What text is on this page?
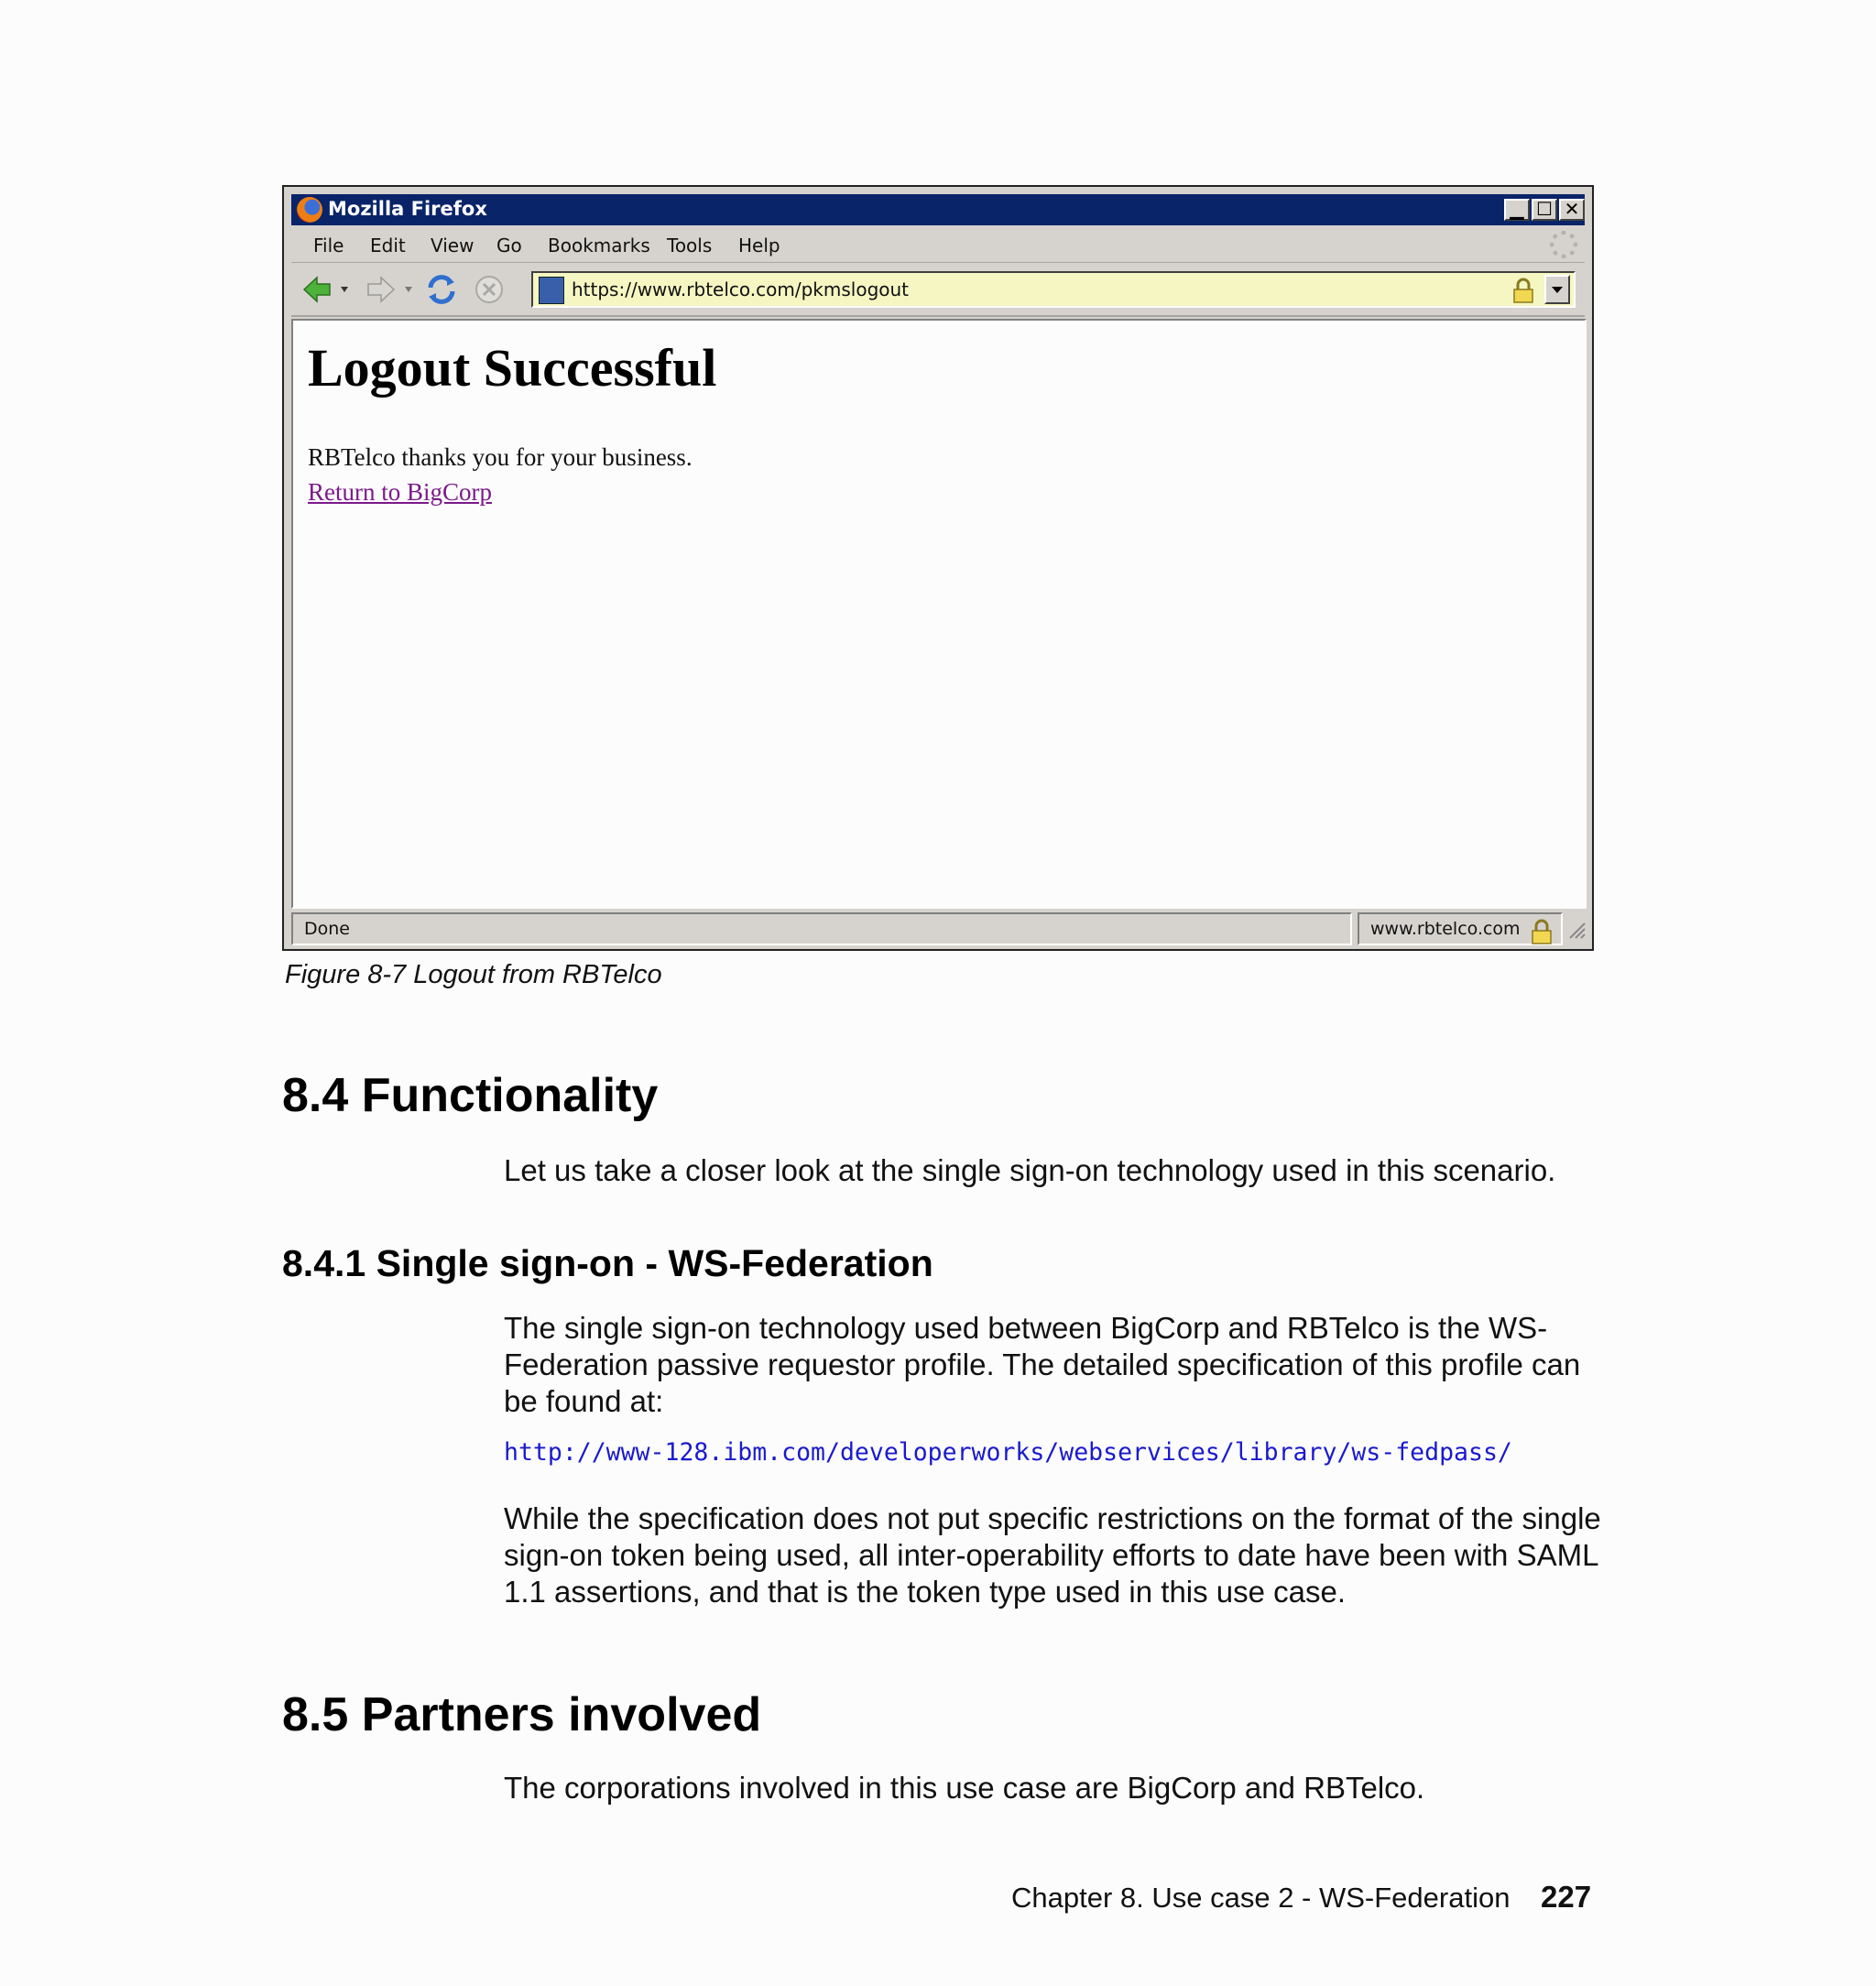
Mozilla Firefox	▁ ☐ ✕
File Edit View Go Bookmarks Tools Help
https://www.rbtelco.com/pkmslogout
Logout Successful
RBTelco thanks you for your business.
Return to BigCorp
Done	www.rbtelco.com
Figure 8-7 Logout from RBTelco
8.4 Functionality
Let us take a closer look at the single sign-on technology used in this scenario.
8.4.1 Single sign-on - WS-Federation
The single sign-on technology used between BigCorp and RBTelco is the WS-Federation passive requestor profile. The detailed specification of this profile can be found at:
http://www-128.ibm.com/developerworks/webservices/library/ws-fedpass/
While the specification does not put specific restrictions on the format of the single sign-on token being used, all inter-operability efforts to date have been with SAML 1.1 assertions, and that is the token type used in this use case.
8.5 Partners involved
The corporations involved in this use case are BigCorp and RBTelco.
Chapter 8. Use case 2 - WS-Federation 227
